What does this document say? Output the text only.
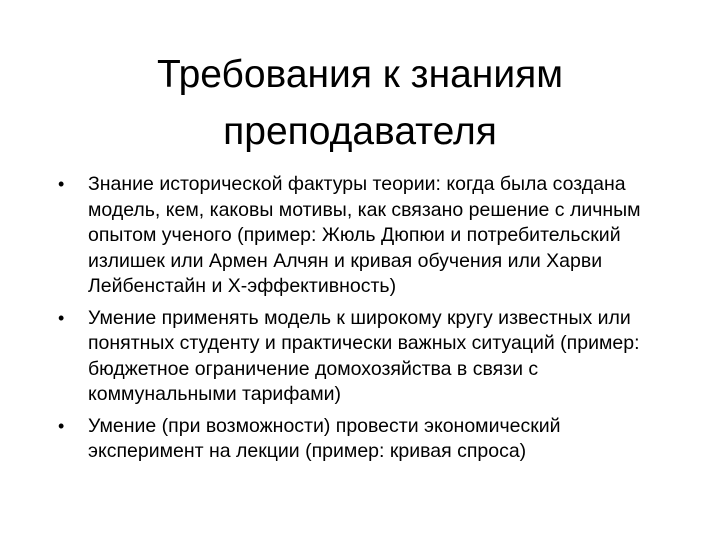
Требования к знаниям преподавателя
• Знание исторической фактуры теории: когда была создана модель, кем, каковы мотивы, как связано решение с личным опытом ученого (пример: Жюль Дюпюи и потребительский излишек или Армен Алчян и кривая обучения или Харви Лейбенстайн и X-эффективность)
• Умение применять модель к широкому кругу известных или понятных студенту и практически важных ситуаций (пример: бюджетное ограничение домохозяйства в связи с коммунальными тарифами)
• Умение (при возможности) провести экономический эксперимент на лекции (пример: кривая спроса)
